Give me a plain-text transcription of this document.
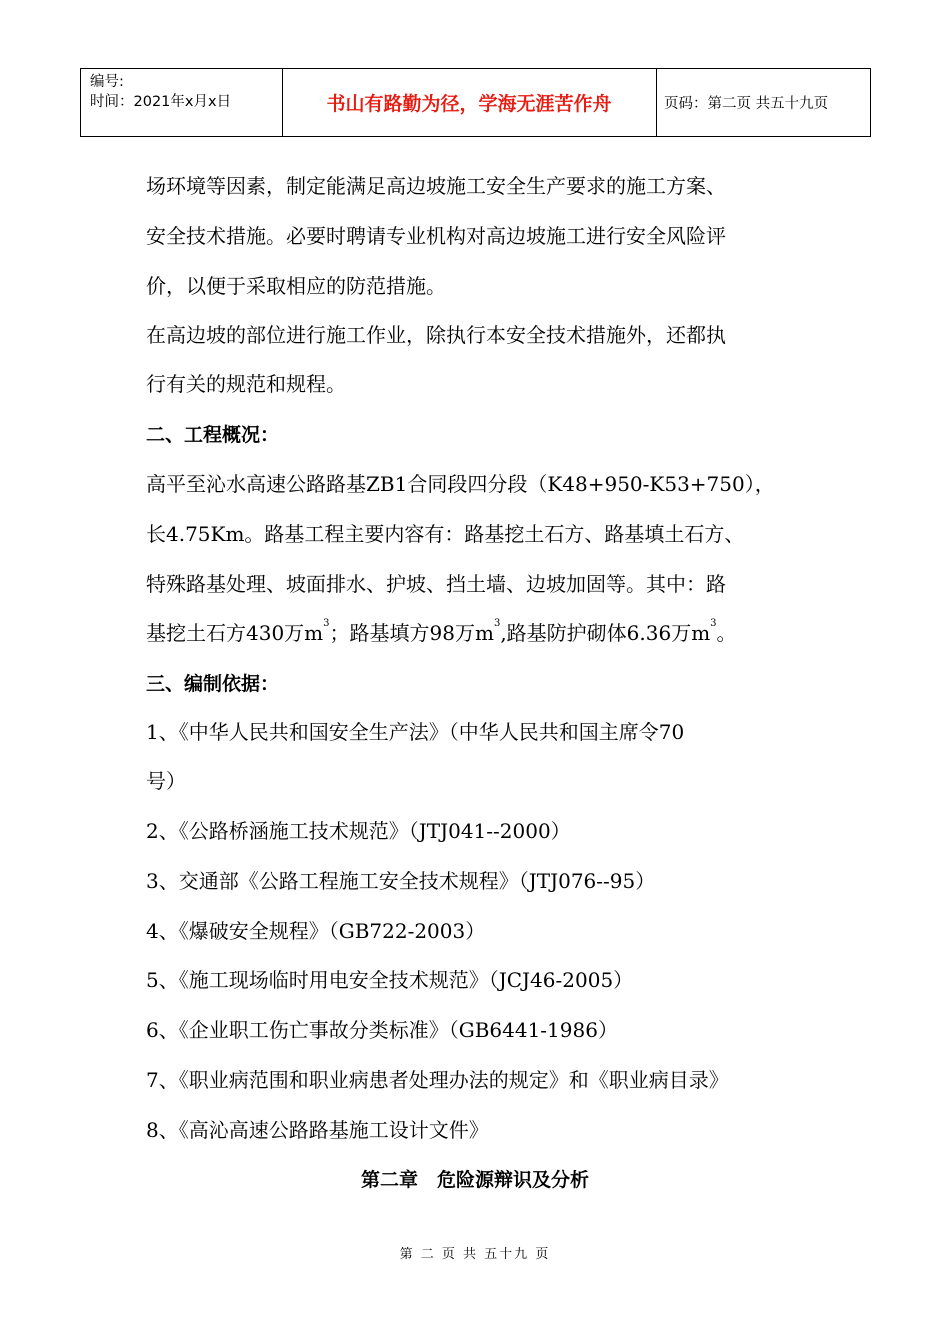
编号:
时间：2021年x月x日	书山有路勤为径，学海无涯苦作舟	页码：第二页 共五十九页
场环境等因素，制定能满足高边坡施工安全生产要求的施工方案、
安全技术措施。必要时聘请专业机构对高边坡施工进行安全风险评
价，以便于采取相应的防范措施。
在高边坡的部位进行施工作业，除执行本安全技术措施外，还都执
行有关的规范和规程。
二、工程概况：
高平至沁水高速公路路基ZB1合同段四分段（K48+950-K53+750），
长4.75Km。路基工程主要内容有：路基挖土石方、路基填土石方、
特殊路基处理、坡面排水、护坡、挡土墙、边坡加固等。其中：路
基挖土石方430万$m^3$；路基填方98万$m^3$,路基防护砌体6.36万$m^3$。
三、编制依据：
1、《中华人民共和国安全生产法》（中华人民共和国主席令70
号）
2、《公路桥涵施工技术规范》（JTJ041--2000）
3、交通部《公路工程施工安全技术规程》（JTJ076--95）
4、《爆破安全规程》（GB722-2003）
5、《施工现场临时用电安全技术规范》（JCJ46-2005）
6、《企业职工伤亡事故分类标准》（GB6441-1986）
7、《职业病范围和职业病患者处理办法的规定》和《职业病目录》
8、《高沁高速公路路基施工设计文件》
第二章　危险源辩识及分析
第 二 页 共 五十九 页
